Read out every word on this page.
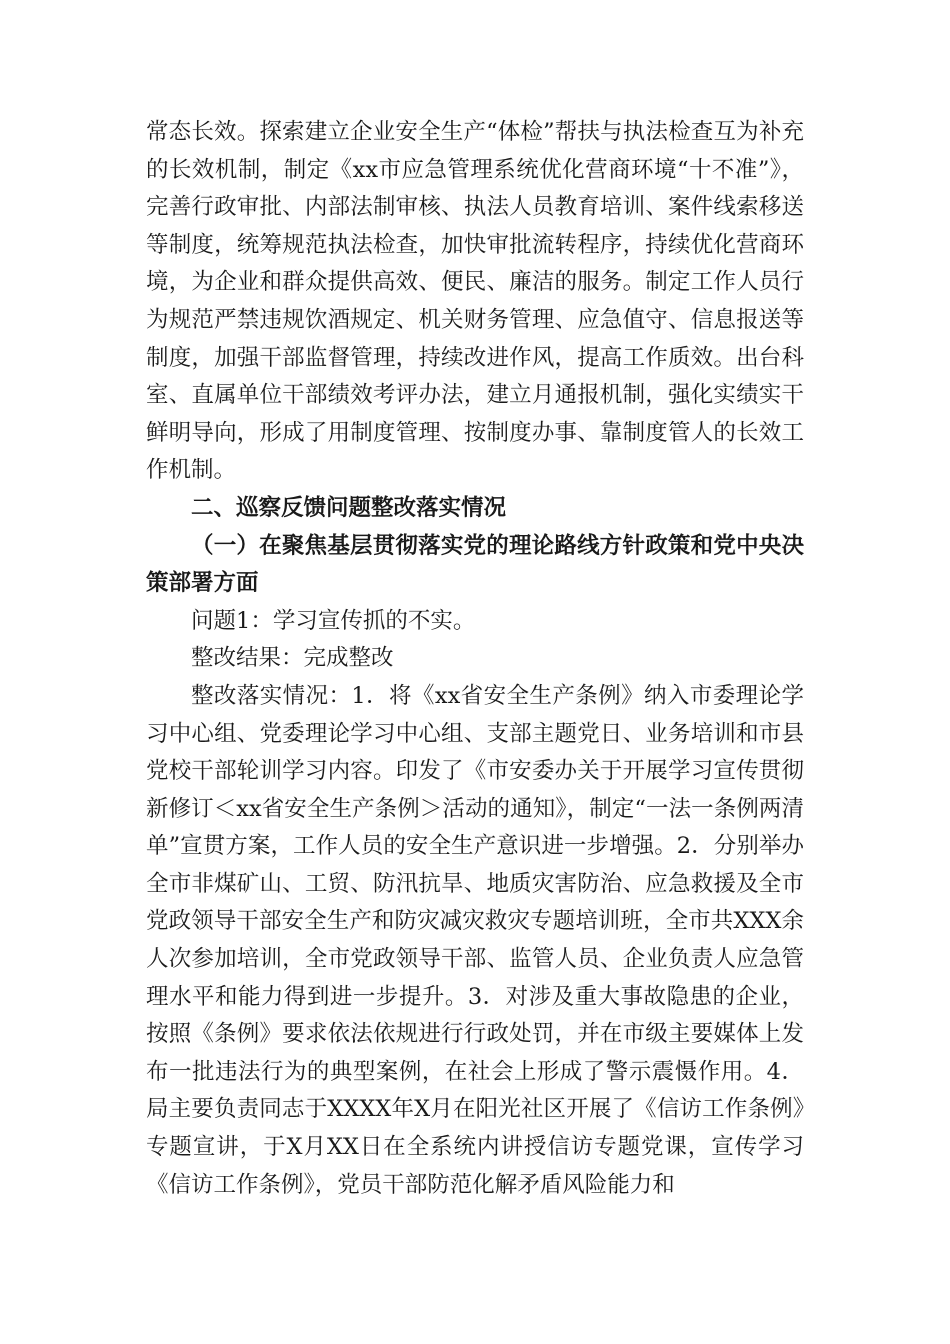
常态长效。探索建立企业安全生产“体检”帮扶与执法检查互为补充的长效机制，制定《xx市应急管理系统优化营商环境“十不准”》，完善行政审批、内部法制审核、执法人员教育培训、案件线索移送等制度，统筹规范执法检查，加快审批流转程序，持续优化营商环境，为企业和群众提供高效、便民、廉洁的服务。制定工作人员行为规范严禁违规饮酒规定、机关财务管理、应急值守、信息报送等制度，加强干部监督管理，持续改进作风，提高工作质效。出台科室、直属单位干部绩效考评办法，建立月通报机制，强化实绩实干鲜明导向，形成了用制度管理、按制度办事、靠制度管人的长效工作机制。

二、巡察反馈问题整改落实情况

（一）在聚焦基层贯彻落实党的理论路线方针政策和党中央决策部署方面

问题1：学习宣传抓的不实。

整改结果：完成整改

整改落实情况：1．将《xx省安全生产条例》纳入市委理论学习中心组、党委理论学习中心组、支部主题党日、业务培训和市县党校干部轮训学习内容。印发了《市安委办关于开展学习宣传贯彻新修订＜xx省安全生产条例＞活动的通知》，制定“一法一条例两清单”宣贯方案，工作人员的安全生产意识进一步增强。2．分别举办全市非煤矿山、工贸、防汛抗旱、地质灾害防治、应急救援及全市党政领导干部安全生产和防灾减灾救灾专题培训班，全市共XXX余人次参加培训，全市党政领导干部、监管人员、企业负责人应急管理水平和能力得到进一步提升。3．对涉及重大事故隐患的企业，按照《条例》要求依法依规进行行政处罚，并在市级主要媒体上发布一批违法行为的典型案例，在社会上形成了警示震慑作用。4．局主要负责同志于XXXX年X月在阳光社区开展了《信访工作条例》专题宣讲，于X月XX日在全系统内讲授信访专题党课，宣传学习《信访工作条例》，党员干部防范化解矛盾风险能力和
